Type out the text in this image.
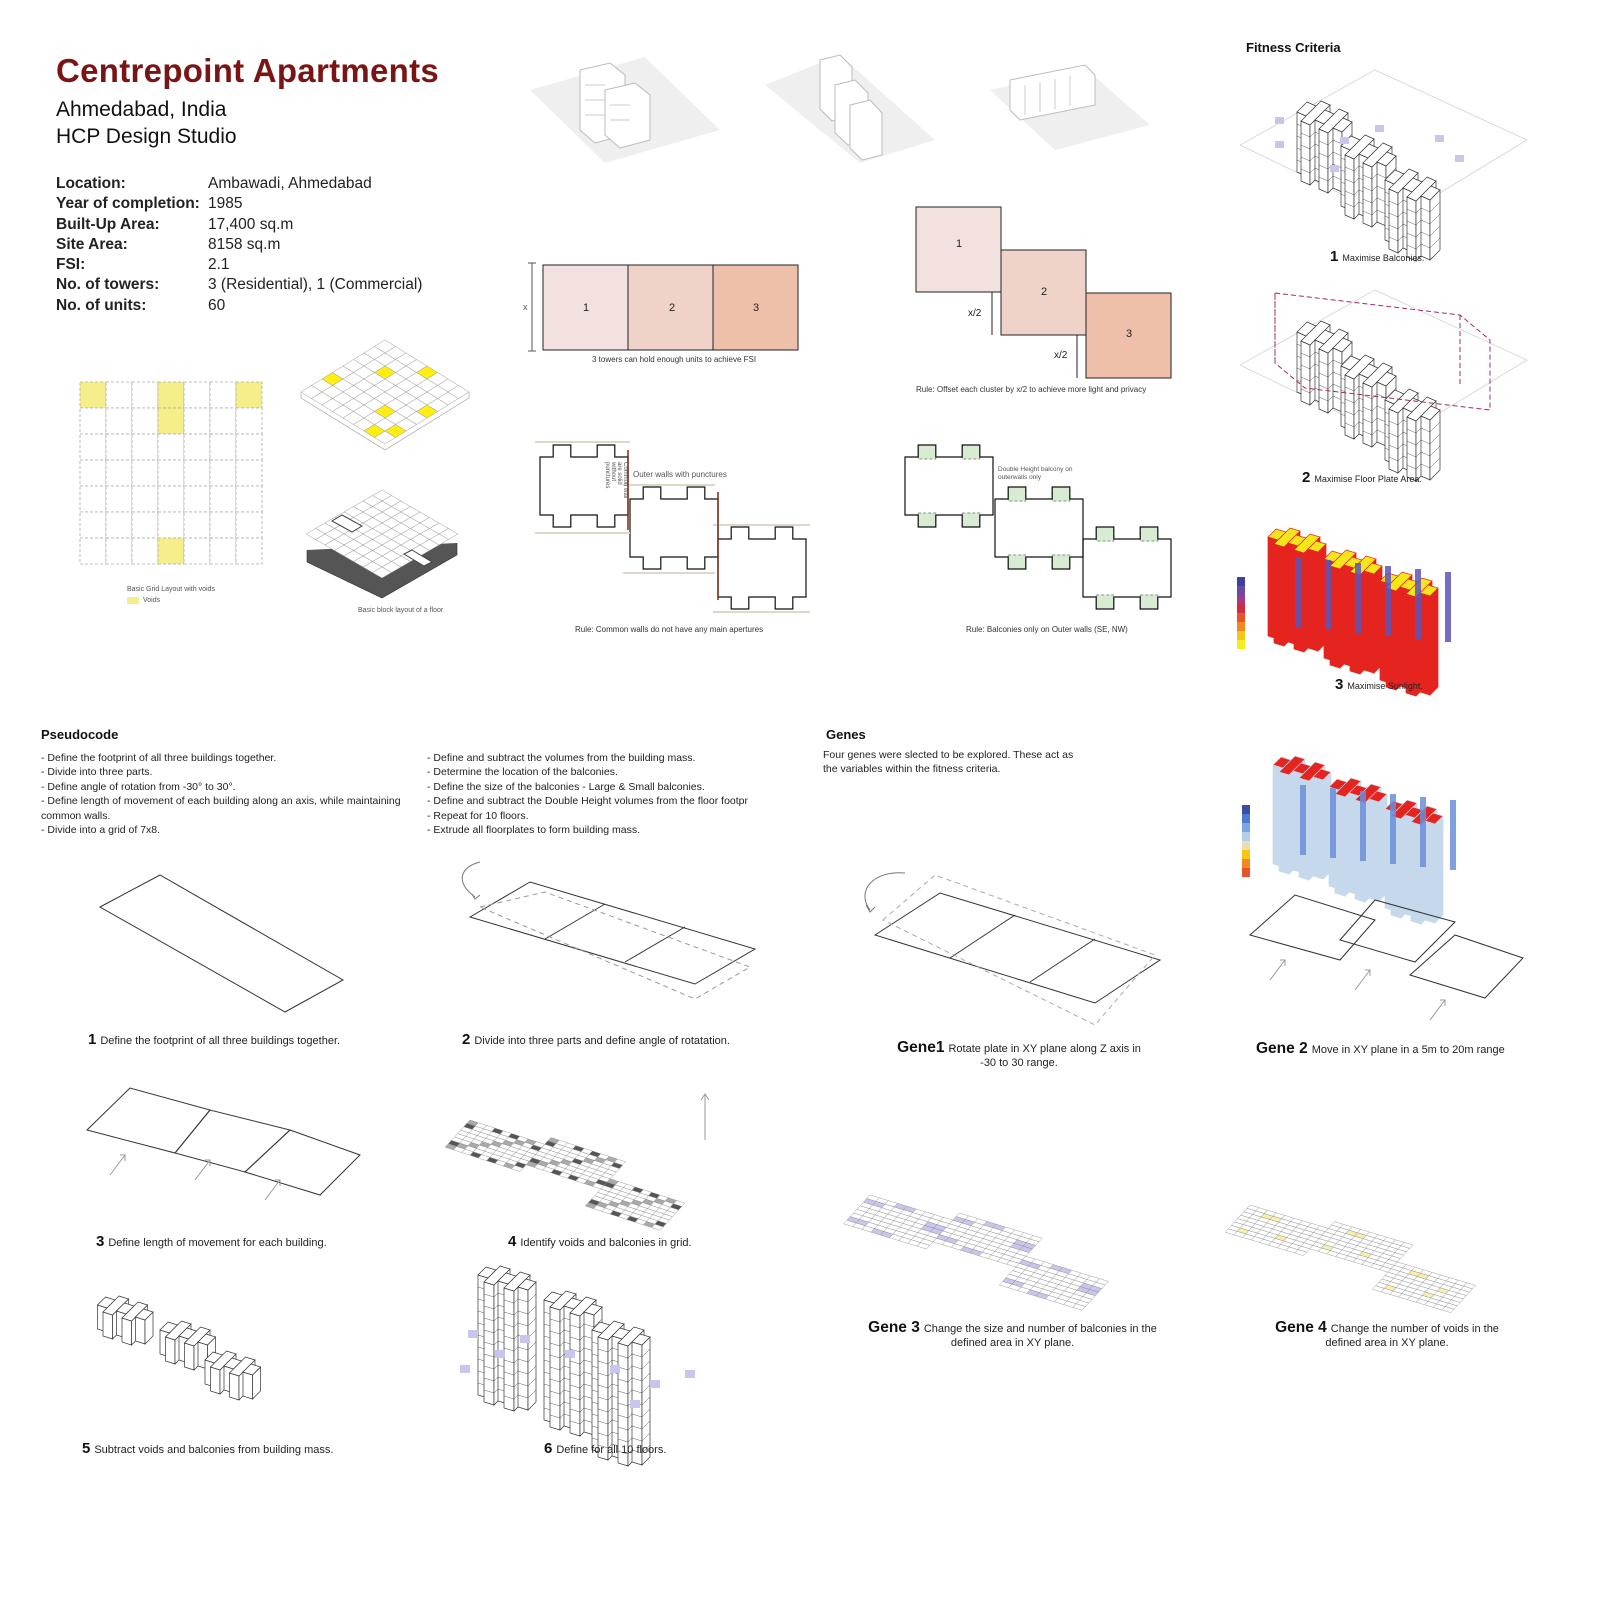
Centrepoint Apartments
Ahmedabad, India
HCP Design Studio
Location:	Ambawadi, Ahmedabad
Year of completion: 1985
Built-Up Area:	17,400 sq.m
Site Area:	8158 sq.m
FSI:	2.1
No. of towers:	3 (Residential), 1 (Commercial)
No. of units:	60
Basic Grid Layout with voids
Voids
Basic block layout of a floor
x	1	2	3
3 towers can hold enough units to achieve FSI
1
2
3
x/2
x/2
Rule: Offset each cluster by x/2 to achieve more light and privacy
Outer walls with punctures
Common wall are solid without punctures
Rule: Common walls do not have any main apertures
Double Height balcony on outerwalls only
Rule: Balconies only on Outer walls (SE, NW)
Fitness Criteria
1 Maximise Balconies.
2 Maximise Floor Plate Area.
3 Maximise Sunlight.
Pseudocode
- Define the footprint of all three buildings together.
- Divide into three parts.
- Define angle of rotation from -30° to 30°.
- Define length of movement of each building along an axis, while maintaining
common walls.
- Divide into a grid of 7x8.
- Define and subtract the volumes from the building mass.
- Determine the location of the balconies.
- Define the size of the balconies - Large & Small balconies.
- Define and subtract the Double Height volumes from the floor footpr
- Repeat for 10 floors.
- Extrude all floorplates to form building mass.
1 Define the footprint of all three buildings together.	2 Divide into three parts and define angle of rotatation.
3 Define length of movement for each building.	4 Identify voids and balconies in grid.
5 Subtract voids and balconies from building mass.	6 Define for all 10 floors.
Genes
Four genes were slected to be explored. These act as
the variables within the fitness criteria.
Gene1 Rotate plate in XY plane along Z axis in
-30 to 30 range.
Gene 2 Move in XY plane in a 5m to 20m range
Gene 3 Change the size and number of balconies in the
defined area in XY plane.
Gene 4 Change the number of voids in the
defined area in XY plane.
